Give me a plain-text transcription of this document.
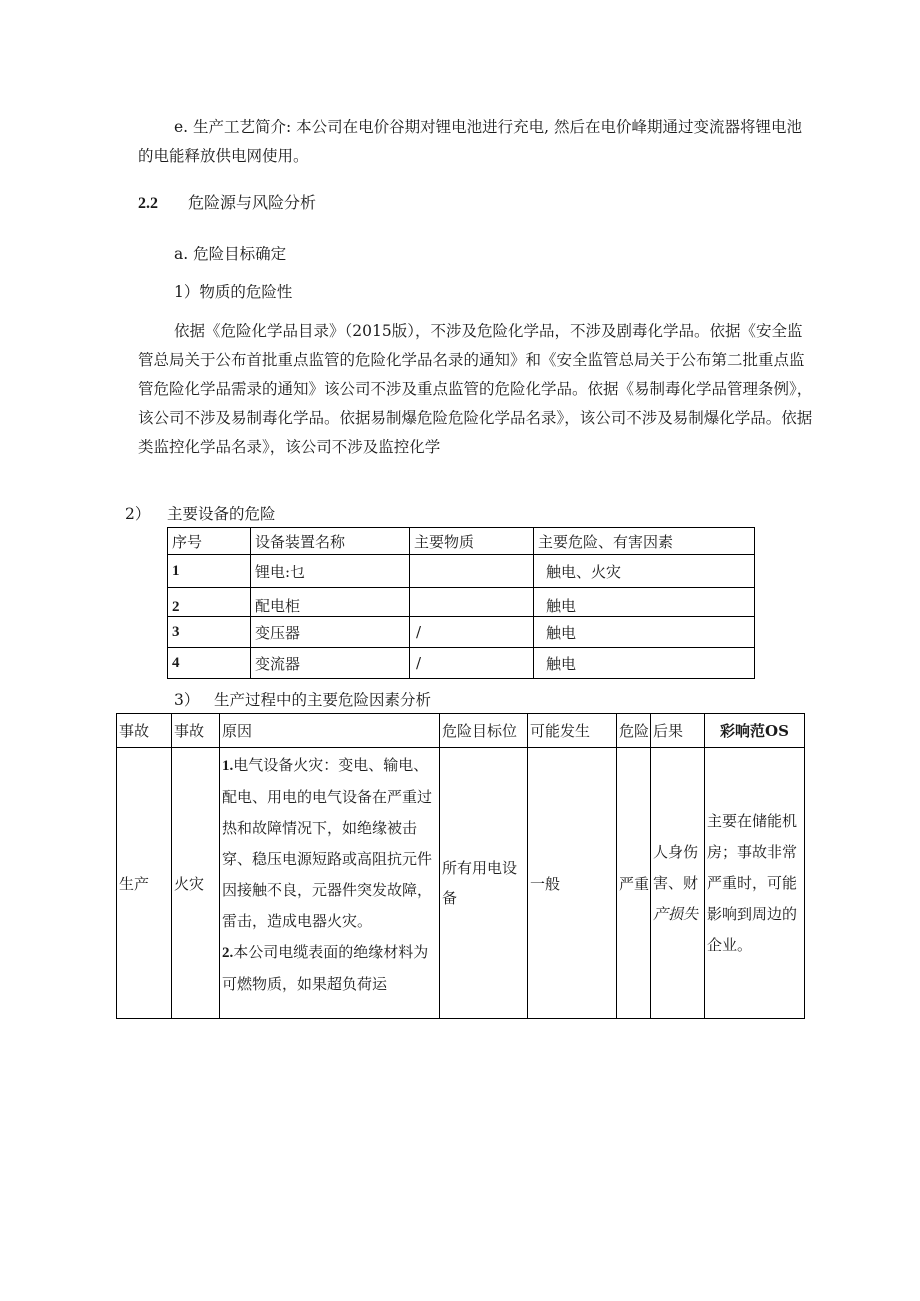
e. 生产工艺简介: 本公司在电价谷期对锂电池进行充电, 然后在电价峰期通过变流器将锂电池的电能释放供电网使用。

2.2 危险源与风险分析

a. 危险目标确定

1）物质的危险性

依据《危险化学品目录》（2015版），不涉及危险化学品，不涉及剧毒化学品。依据《安全监管总局关于公布首批重点监管的危险化学品名录的通知》和《安全监管总局关于公布第二批重点监管危险化学品需录的通知》该公司不涉及重点监管的危险化学品。依据《易制毒化学品管理条例》，该公司不涉及易制毒化学品。依据易制爆危险危险化学品名录》，该公司不涉及易制爆化学品。依据类监控化学品名录》，该公司不涉及监控化学

2） 主要设备的危险

序号	设备装置名称	主要物质	主要危险、有害因素
1	锂电:乜		触电、火灾
2	配电柜		触电
3	变压器	/	触电
4	变流器	/	触电

3） 生产过程中的主要危险因素分析

事故	事故	原因	危险目标位	可能发生	危险	后果	彩响范OS
生产	火灾	1.电气设备火灾：变电、输电、配电、用电的电气设备在严重过热和故障情况下，如绝缘被击穿、稳压电源短路或高阻抗元件因接触不良，元器件突发故障，雷击，造成电器火灾。
2.本公司电缆表面的绝缘材料为可燃物质，如果超负荷运	所有用电设备	一般	严重	人身伤害、财产损失	主要在储能机房；事故非常严重时，可能影响到周边的企业。
